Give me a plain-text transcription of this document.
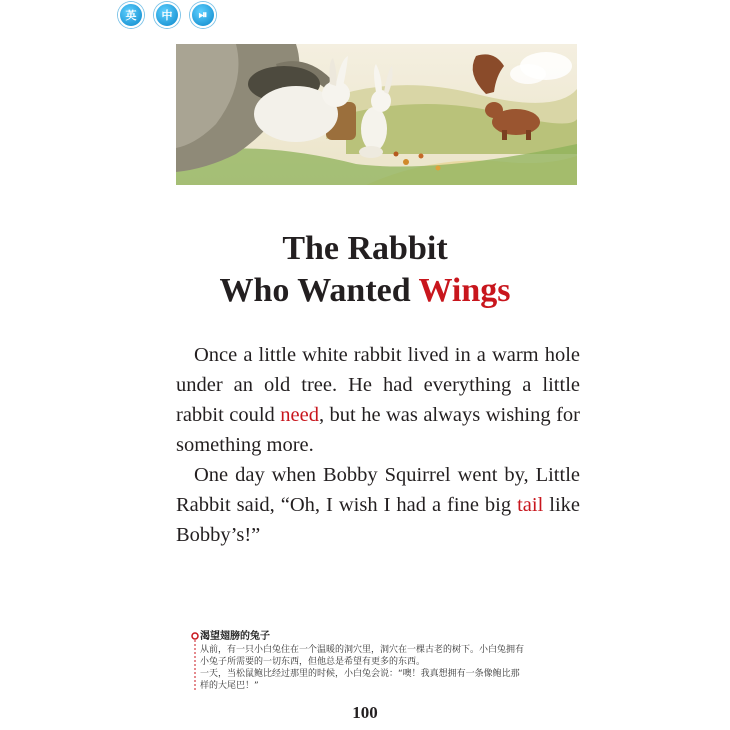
英	中	⏯
The Rabbit
Who Wanted Wings

Once a little white rabbit lived in a warm hole under an old tree. He had everything a little rabbit could need, but he was always wishing for something more.

One day when Bobby Squirrel went by, Little Rabbit said, “Oh, I wish I had a fine big tail like Bobby’s!”

渴望翅膀的兔子
从前，有一只小白兔住在一个温暖的洞穴里，洞穴在一棵古老的树下。小白兔拥有
小兔子所需要的一切东西，但他总是希望有更多的东西。
一天，当松鼠鲍比经过那里的时候，小白兔会说：“噢！我真想拥有一条像鲍比那
样的大尾巴！”
100
